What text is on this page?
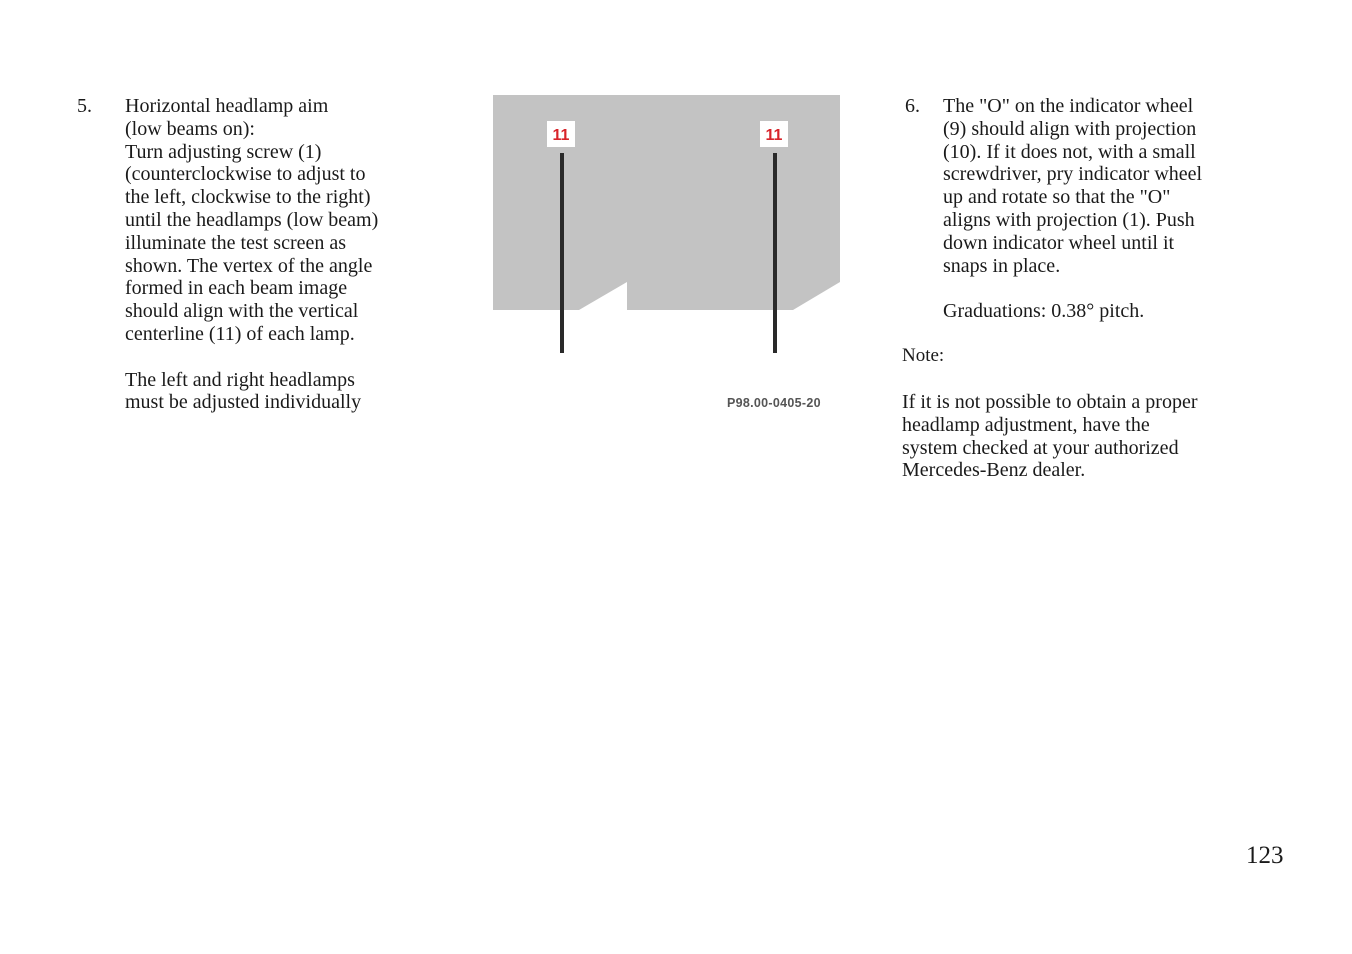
5. Horizontal headlamp aim
(low beams on):
Turn adjusting screw (1)
(counterclockwise to adjust to
the left, clockwise to the right)
until the headlamps (low beam)
illuminate the test screen as
shown. The vertex of the angle
formed in each beam image
should align with the vertical
centerline (11) of each lamp.
The left and right headlamps
must be adjusted individually
11	11
P98.00-0405-20
6. The "O" on the indicator wheel
(9) should align with projection
(10). If it does not, with a small
screwdriver, pry indicator wheel
up and rotate so that the "O"
aligns with projection (1). Push
down indicator wheel until it
snaps in place.
Graduations: 0.38° pitch.
Note:
If it is not possible to obtain a proper
headlamp adjustment, have the
system checked at your authorized
Mercedes-Benz dealer.
123
